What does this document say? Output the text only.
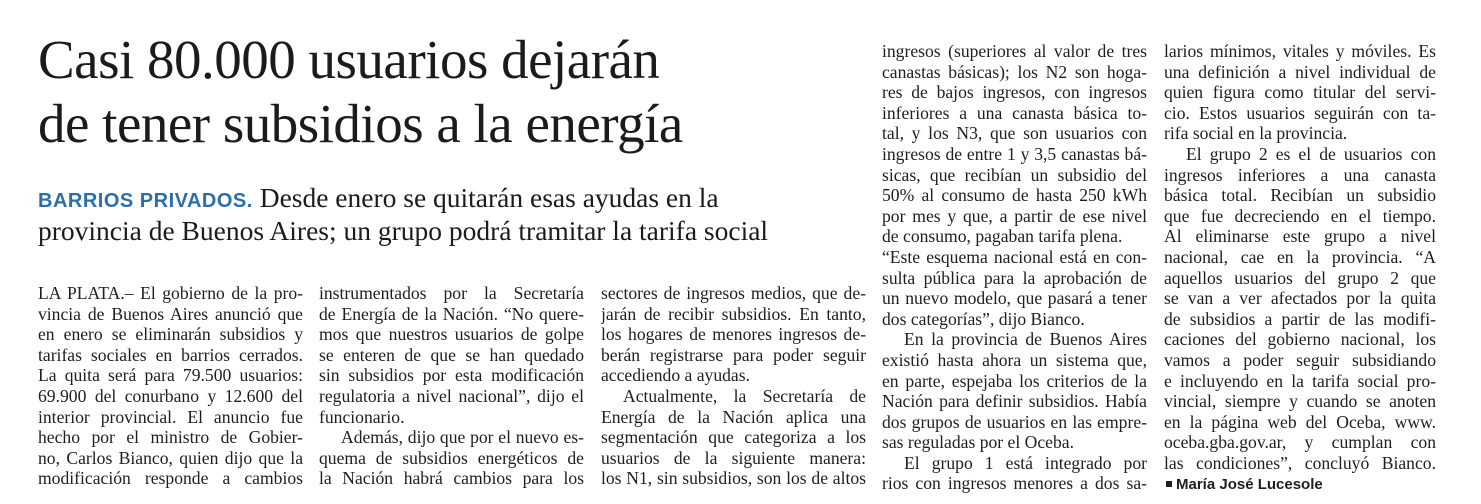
Casi 80.000 usuarios dejarán
de tener subsidios a la energía

BARRIOS PRIVADOS. Desde enero se quitarán esas ayudas en la
provincia de Buenos Aires; un grupo podrá tramitar la tarifa social

LA PLATA.– El gobierno de la pro-
vincia de Buenos Aires anunció que
en enero se eliminarán subsidios y
tarifas sociales en barrios cerrados.
La quita será para 79.500 usuarios:
69.900 del conurbano y 12.600 del
interior provincial. El anuncio fue
hecho por el ministro de Gobier-
no, Carlos Bianco, quien dijo que la
modificación responde a cambios
instrumentados por la Secretaría
de Energía de la Nación. “No quere-
mos que nuestros usuarios de golpe
se enteren de que se han quedado
sin subsidios por esta modificación
regulatoria a nivel nacional”, dijo el
funcionario.
Además, dijo que por el nuevo es-
quema de subsidios energéticos de
la Nación habrá cambios para los
sectores de ingresos medios, que de-
jarán de recibir subsidios. En tanto,
los hogares de menores ingresos de-
berán registrarse para poder seguir
accediendo a ayudas.
Actualmente, la Secretaría de
Energía de la Nación aplica una
segmentación que categoriza a los
usuarios de la siguiente manera:
los N1, sin subsidios, son los de altos
ingresos (superiores al valor de tres
canastas básicas); los N2 son hoga-
res de bajos ingresos, con ingresos
inferiores a una canasta básica to-
tal, y los N3, que son usuarios con
ingresos de entre 1 y 3,5 canastas bá-
sicas, que recibían un subsidio del
50% al consumo de hasta 250 kWh
por mes y que, a partir de ese nivel
de consumo, pagaban tarifa plena.
“Este esquema nacional está en con-
sulta pública para la aprobación de
un nuevo modelo, que pasará a tener
dos categorías”, dijo Bianco.
En la provincia de Buenos Aires
existió hasta ahora un sistema que,
en parte, espejaba los criterios de la
Nación para definir subsidios. Había
dos grupos de usuarios en las empre-
sas reguladas por el Oceba.
El grupo 1 está integrado por
rios con ingresos menores a dos sa-
larios mínimos, vitales y móviles. Es
una definición a nivel individual de
quien figura como titular del servi-
cio. Estos usuarios seguirán con ta-
rifa social en la provincia.
El grupo 2 es el de usuarios con
ingresos inferiores a una canasta
básica total. Recibían un subsidio
que fue decreciendo en el tiempo.
Al eliminarse este grupo a nivel
nacional, cae en la provincia. “A
aquellos usuarios del grupo 2 que
se van a ver afectados por la quita
de subsidios a partir de las modifi-
caciones del gobierno nacional, los
vamos a poder seguir subsidiando
e incluyendo en la tarifa social pro-
vincial, siempre y cuando se anoten
en la página web del Oceba, www.
oceba.gba.gov.ar, y cumplan con
las condiciones”, concluyó Bianco.
María José Lucesole
